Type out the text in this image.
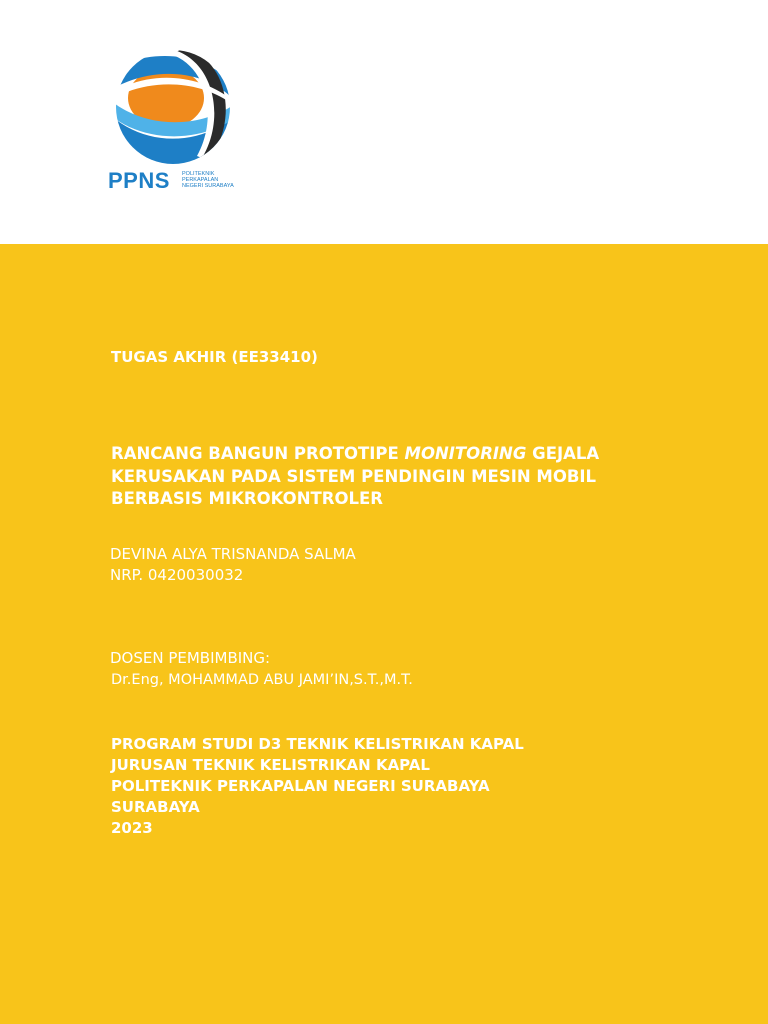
PPNS POLITEKNIK
PERKAPALAN
NEGERI SURABAYA
TUGAS AKHIR (EE33410)
RANCANG BANGUN PROTOTIPE MONITORING GEJALA
KERUSAKAN PADA SISTEM PENDINGIN MESIN MOBIL
BERBASIS MIKROKONTROLER
DEVINA ALYA TRISNANDA SALMA
NRP. 0420030032
DOSEN PEMBIMBING:
Dr.Eng, MOHAMMAD ABU JAMI’IN,S.T.,M.T.
PROGRAM STUDI D3 TEKNIK KELISTRIKAN KAPAL
JURUSAN TEKNIK KELISTRIKAN KAPAL
POLITEKNIK PERKAPALAN NEGERI SURABAYA
SURABAYA
2023
